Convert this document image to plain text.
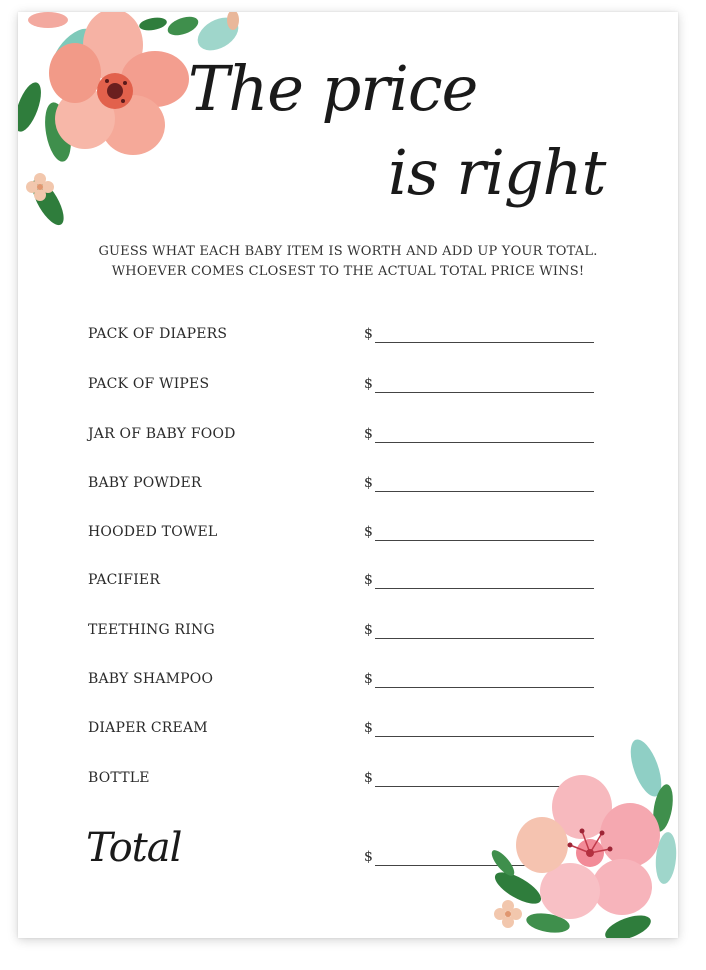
The price
is right
GUESS WHAT EACH BABY ITEM IS WORTH AND ADD UP YOUR TOTAL.
WHOEVER COMES CLOSEST TO THE ACTUAL TOTAL PRICE WINS!
PACK OF DIAPERS	$
PACK OF WIPES	$
JAR OF BABY FOOD	$
BABY POWDER	$
HOODED TOWEL	$
PACIFIER	$
TEETHING RING	$
BABY SHAMPOO	$
DIAPER CREAM	$
BOTTLE	$
Total	$
